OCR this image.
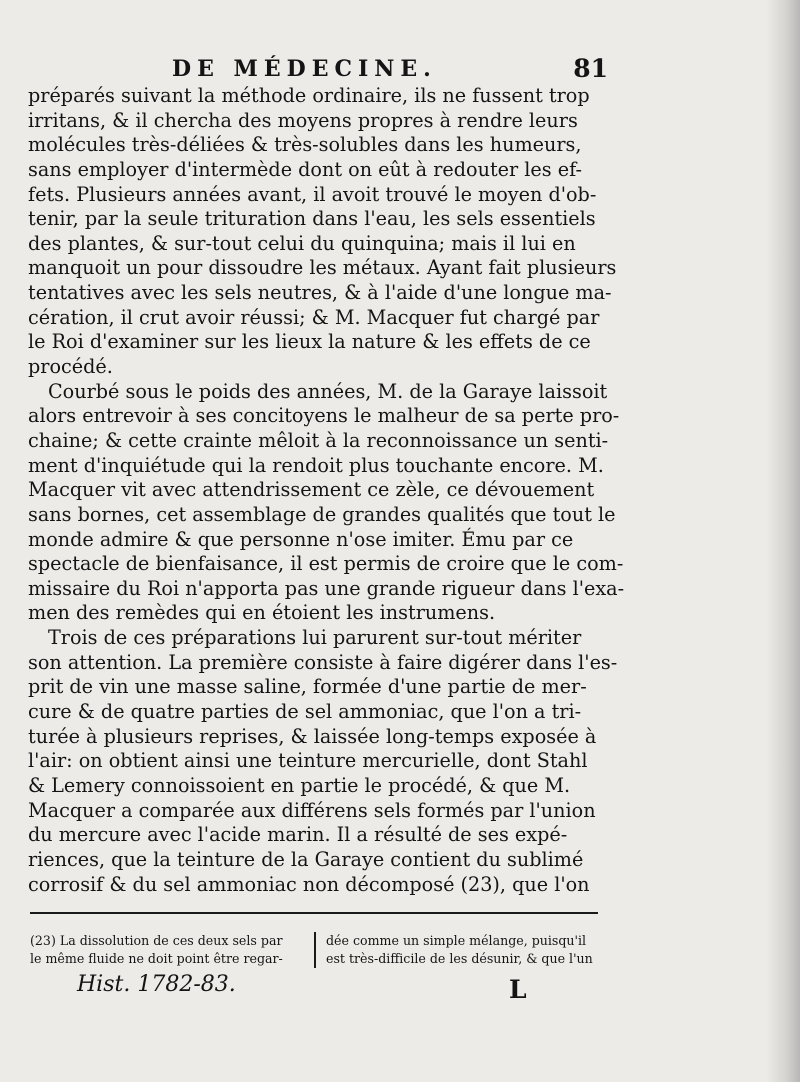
DE MÉDECINE.	81
préparés suivant la méthode ordinaire, ils ne fussent trop
irritans, & il chercha des moyens propres à rendre leurs
molécules très-déliées & très-solubles dans les humeurs,
sans employer d'intermède dont on eût à redouter les ef-
fets. Plusieurs années avant, il avoit trouvé le moyen d'ob-
tenir, par la seule trituration dans l'eau, les sels essentiels
des plantes, & sur-tout celui du quinquina; mais il lui en
manquoit un pour dissoudre les métaux. Ayant fait plusieurs
tentatives avec les sels neutres, & à l'aide d'une longue ma-
cération, il crut avoir réussi; & M. Macquer fut chargé par
le Roi d'examiner sur les lieux la nature & les effets de ce
procédé.
Courbé sous le poids des années, M. de la Garaye laissoit
alors entrevoir à ses concitoyens le malheur de sa perte pro-
chaine; & cette crainte mêloit à la reconnoissance un senti-
ment d'inquiétude qui la rendoit plus touchante encore. M.
Macquer vit avec attendrissement ce zèle, ce dévouement
sans bornes, cet assemblage de grandes qualités que tout le
monde admire & que personne n'ose imiter. Ému par ce
spectacle de bienfaisance, il est permis de croire que le com-
missaire du Roi n'apporta pas une grande rigueur dans l'exa-
men des remèdes qui en étoient les instrumens.
Trois de ces préparations lui parurent sur-tout mériter
son attention. La première consiste à faire digérer dans l'es-
prit de vin une masse saline, formée d'une partie de mer-
cure & de quatre parties de sel ammoniac, que l'on a tri-
turée à plusieurs reprises, & laissée long-temps exposée à
l'air: on obtient ainsi une teinture mercurielle, dont Stahl
& Lemery connoissoient en partie le procédé, & que M.
Macquer a comparée aux différens sels formés par l'union
du mercure avec l'acide marin. Il a résulté de ses expé-
riences, que la teinture de la Garaye contient du sublimé
corrosif & du sel ammoniac non décomposé (23), que l'on
(23) La dissolution de ces deux sels par
le même fluide ne doit point être regar-
dée comme un simple mélange, puisqu'il
est très-difficile de les désunir, & que l'un
Hist. 1782-83.	L
